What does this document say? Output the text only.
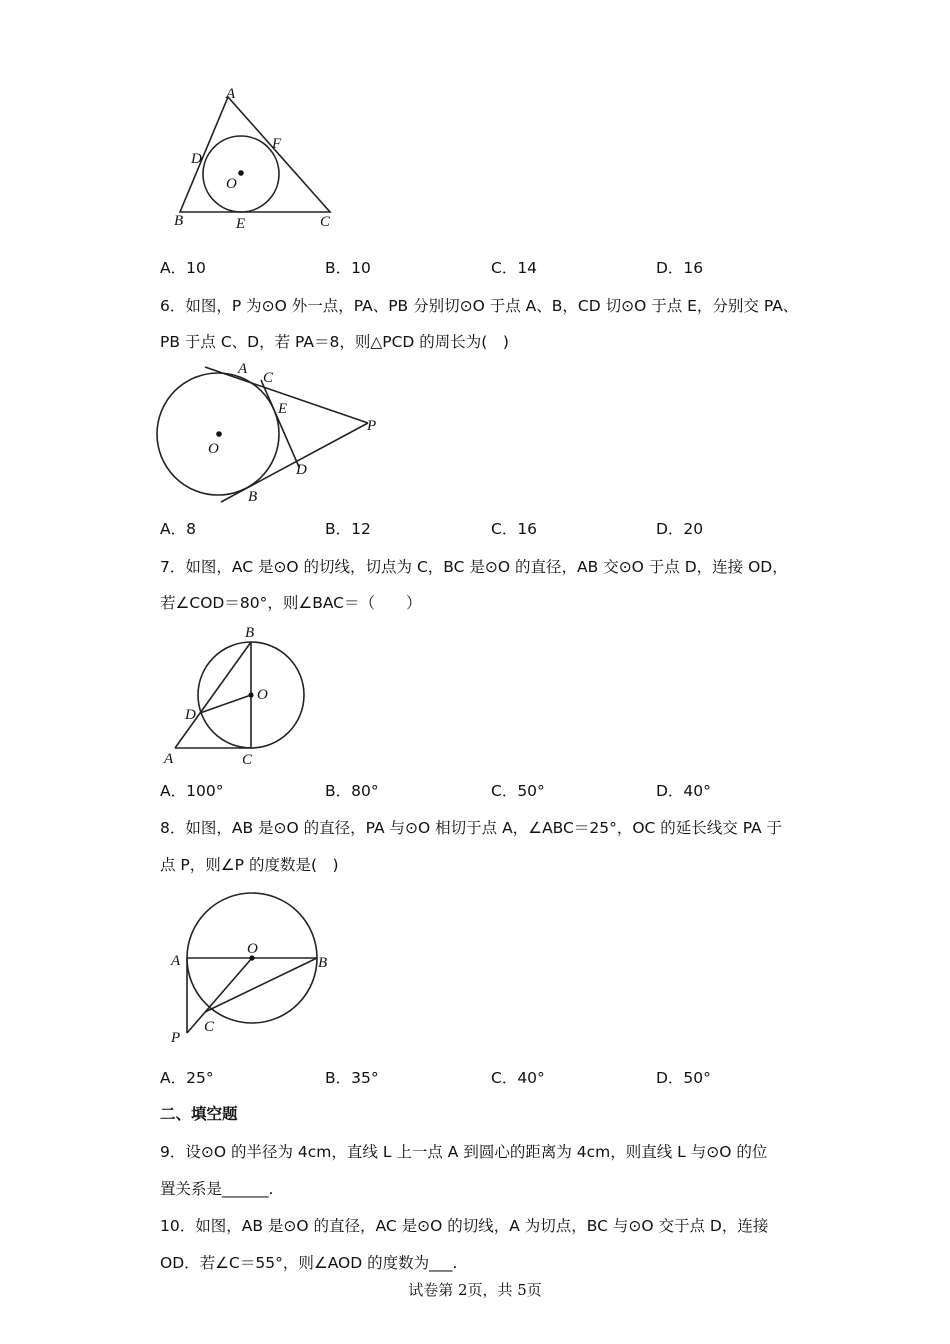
A
D
F
O
B	E	C
A．10	B．10	C．14	D．16
6．如图，P 为⊙O 外一点，PA、PB 分别切⊙O 于点 A、B，CD 切⊙O 于点 E，分别交 PA、
PB 于点 C、D，若 PA＝8，则△PCD 的周长为(　)
A
C
E
O
P
D
B
A．8	B．12	C．16	D．20
7．如图，AC 是⊙O 的切线，切点为 C，BC 是⊙O 的直径，AB 交⊙O 于点 D，连接 OD，
若∠COD＝80°，则∠BAC＝（　　）
B
O
D
A	C
A．100°	B．80°	C．50°	D．40°
8．如图，AB 是⊙O 的直径，PA 与⊙O 相切于点 A，∠ABC＝25°，OC 的延长线交 PA 于
点 P，则∠P 的度数是(　)
O
A	B
C
P
A．25°	B．35°	C．40°	D．50°
二、填空题
9．设⊙O 的半径为 4cm，直线 L 上一点 A 到圆心的距离为 4cm，则直线 L 与⊙O 的位
置关系是______.
10．如图，AB 是⊙O 的直径，AC 是⊙O 的切线，A 为切点，BC 与⊙O 交于点 D，连接
OD．若∠C＝55°，则∠AOD 的度数为___.
试卷第 2页，共 5页
